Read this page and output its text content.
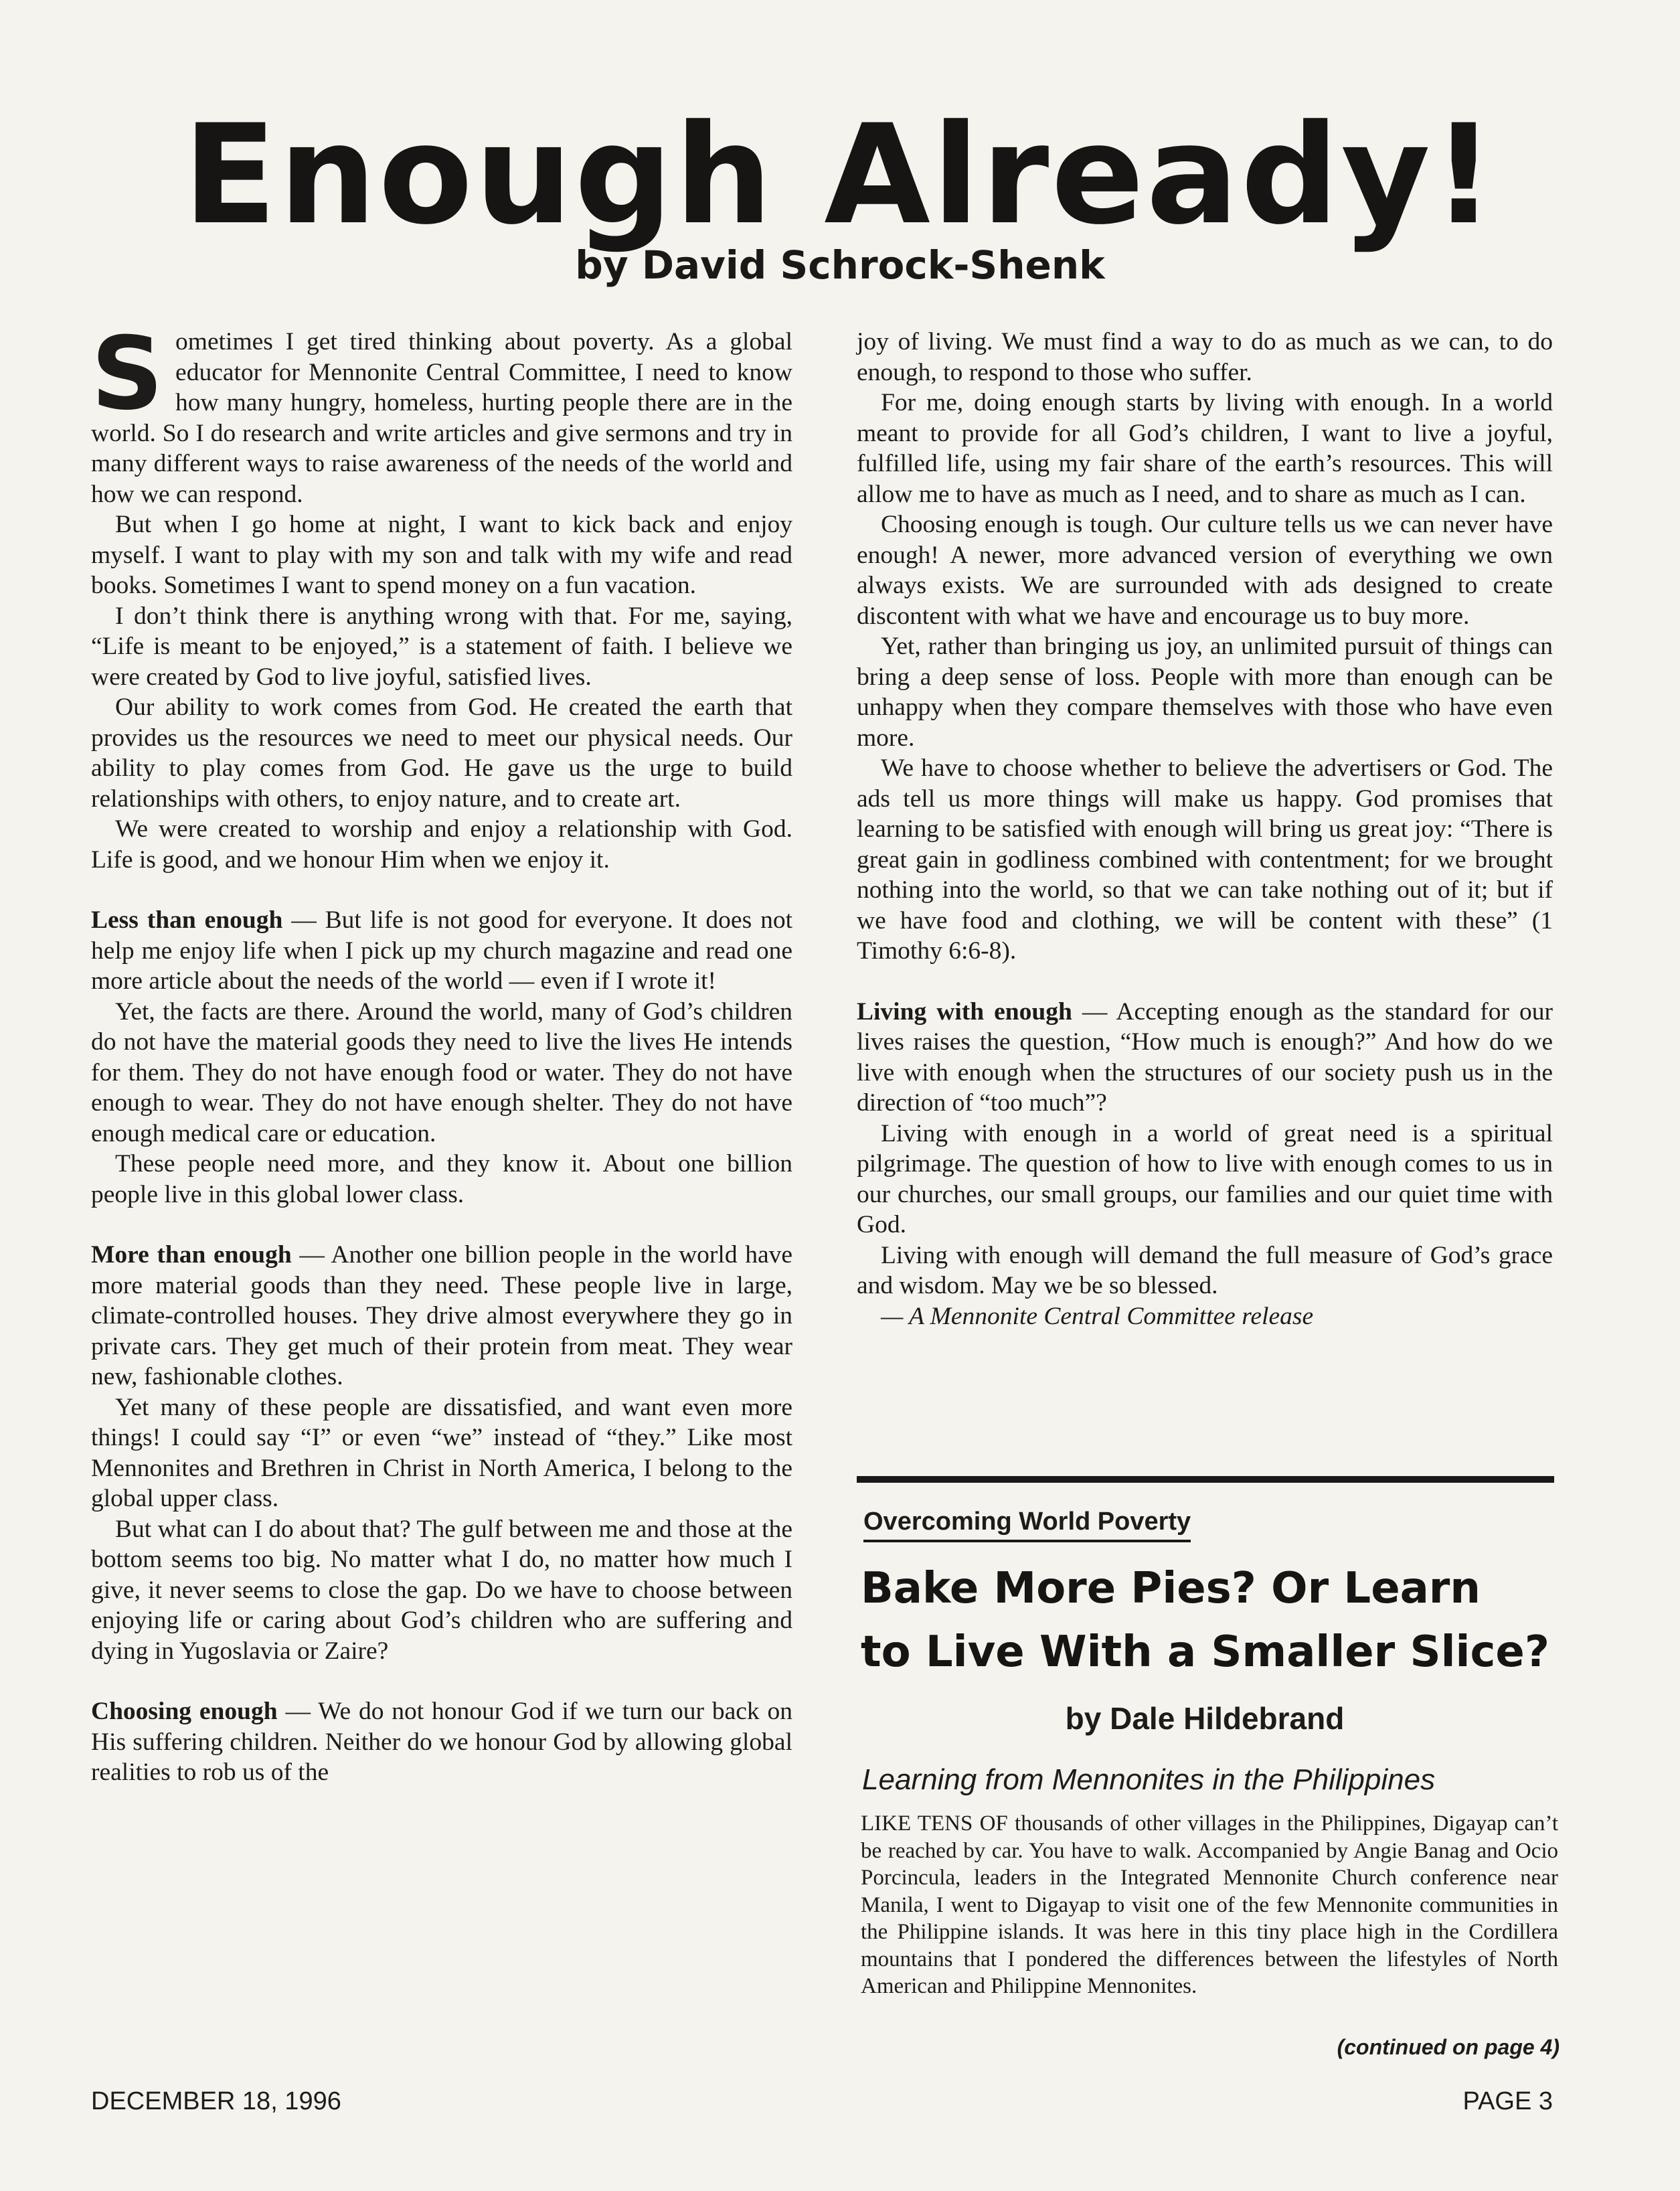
Enough Already!
by David Schrock-Shenk

Sometimes I get tired thinking about poverty. As a global educator for Mennonite Central Committee, I need to know how many hungry, homeless, hurting people there are in the world. So I do research and write articles and give sermons and try in many different ways to raise awareness of the needs of the world and how we can respond.

But when I go home at night, I want to kick back and enjoy myself. I want to play with my son and talk with my wife and read books. Sometimes I want to spend money on a fun vacation.

I don’t think there is anything wrong with that. For me, saying, “Life is meant to be enjoyed,” is a statement of faith. I believe we were created by God to live joyful, satisfied lives.

Our ability to work comes from God. He created the earth that provides us the resources we need to meet our physical needs. Our ability to play comes from God. He gave us the urge to build relationships with others, to enjoy nature, and to create art.

We were created to worship and enjoy a relationship with God. Life is good, and we honour Him when we enjoy it.

Less than enough — But life is not good for everyone. It does not help me enjoy life when I pick up my church magazine and read one more article about the needs of the world — even if I wrote it!

Yet, the facts are there. Around the world, many of God’s children do not have the material goods they need to live the lives He intends for them. They do not have enough food or water. They do not have enough to wear. They do not have enough shelter. They do not have enough medical care or education.

These people need more, and they know it. About one billion people live in this global lower class.

More than enough — Another one billion people in the world have more material goods than they need. These people live in large, climate-controlled houses. They drive almost everywhere they go in private cars. They get much of their protein from meat. They wear new, fashionable clothes.

Yet many of these people are dissatisfied, and want even more things! I could say “I” or even “we” instead of “they.” Like most Mennonites and Brethren in Christ in North America, I belong to the global upper class.

But what can I do about that? The gulf between me and those at the bottom seems too big. No matter what I do, no matter how much I give, it never seems to close the gap. Do we have to choose between enjoying life or caring about God’s children who are suffering and dying in Yugoslavia or Zaire?

Choosing enough — We do not honour God if we turn our back on His suffering children. Neither do we honour God by allowing global realities to rob us of the

joy of living. We must find a way to do as much as we can, to do enough, to respond to those who suffer.

For me, doing enough starts by living with enough. In a world meant to provide for all God’s children, I want to live a joyful, fulfilled life, using my fair share of the earth’s resources. This will allow me to have as much as I need, and to share as much as I can.

Choosing enough is tough. Our culture tells us we can never have enough! A newer, more advanced version of everything we own always exists. We are surrounded with ads designed to create discontent with what we have and encourage us to buy more.

Yet, rather than bringing us joy, an unlimited pursuit of things can bring a deep sense of loss. People with more than enough can be unhappy when they compare themselves with those who have even more.

We have to choose whether to believe the advertisers or God. The ads tell us more things will make us happy. God promises that learning to be satisfied with enough will bring us great joy: “There is great gain in godliness combined with contentment; for we brought nothing into the world, so that we can take nothing out of it; but if we have food and clothing, we will be content with these” (1 Timothy 6:6-8).

Living with enough — Accepting enough as the standard for our lives raises the question, “How much is enough?” And how do we live with enough when the structures of our society push us in the direction of “too much”?

Living with enough in a world of great need is a spiritual pilgrimage. The question of how to live with enough comes to us in our churches, our small groups, our families and our quiet time with God.

Living with enough will demand the full measure of God’s grace and wisdom. May we be so blessed.

— A Mennonite Central Committee release

Overcoming World Poverty
Bake More Pies? Or Learn
to Live With a Smaller Slice?
by Dale Hildebrand
Learning from Mennonites in the Philippines

LIKE TENS OF thousands of other villages in the Philippines, Digayap can’t be reached by car. You have to walk. Accompanied by Angie Banag and Ocio Porcincula, leaders in the Integrated Mennonite Church conference near Manila, I went to Digayap to visit one of the few Mennonite communities in the Philippine islands. It was here in this tiny place high in the Cordillera mountains that I pondered the differences between the lifestyles of North American and Philippine Mennonites.

(continued on page 4)
DECEMBER 18, 1996	PAGE 3
